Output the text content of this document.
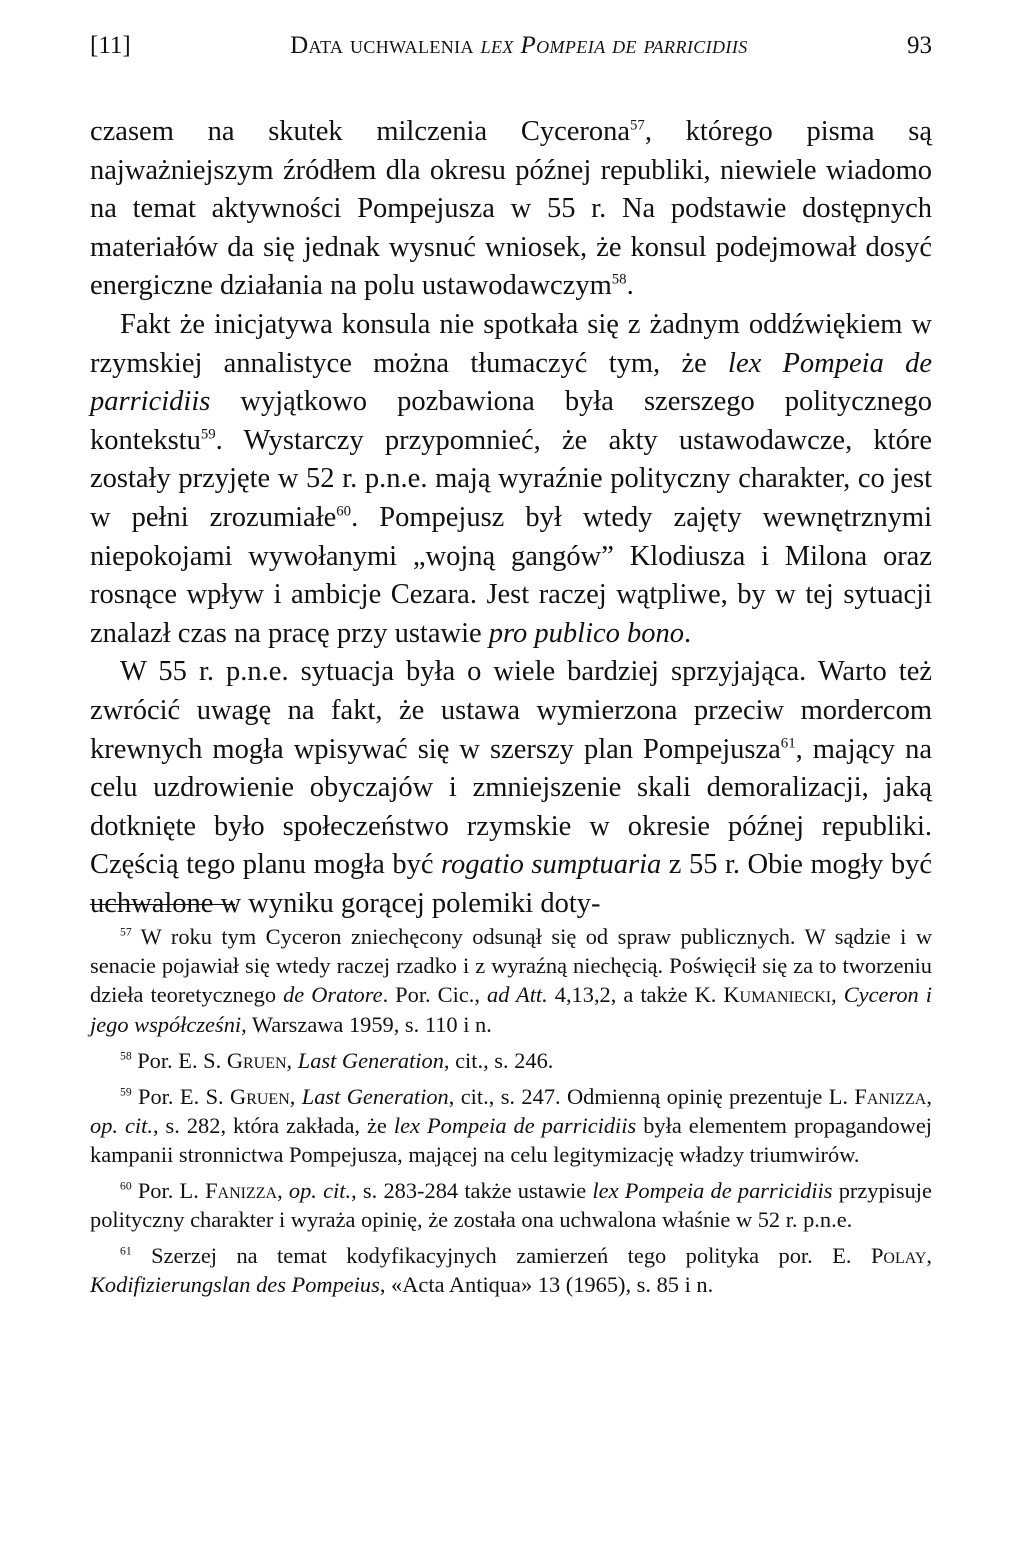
[11]	Data uchwalenia lex Pompeia de parricidiis	93

czasem na skutek milczenia Cycerona$^{57}$, którego pisma są najważniejszym źródłem dla okresu późnej republiki, niewiele wiadomo na temat aktywności Pompejusza w 55 r. Na podstawie dostępnych materiałów da się jednak wysnuć wniosek, że konsul podejmował dosyć energiczne działania na polu ustawodawczym$^{58}$.

Fakt że inicjatywa konsula nie spotkała się z żadnym oddźwiękiem w rzymskiej annalistyce można tłumaczyć tym, że lex Pompeia de parricidiis wyjątkowo pozbawiona była szerszego politycznego kontekstu$^{59}$. Wystarczy przypomnieć, że akty ustawodawcze, które zostały przyjęte w 52 r. p.n.e. mają wyraźnie polityczny charakter, co jest w pełni zrozumiałe$^{60}$. Pompejusz był wtedy zajęty wewnętrznymi niepokojami wywołanymi „wojną gangów” Klodiusza i Milona oraz rosnące wpływ i ambicje Cezara. Jest raczej wątpliwe, by w tej sytuacji znalazł czas na pracę przy ustawie pro publico bono.

W 55 r. p.n.e. sytuacja była o wiele bardziej sprzyjająca. Warto też zwrócić uwagę na fakt, że ustawa wymierzona przeciw mordercom krewnych mogła wpisywać się w szerszy plan Pompejusza$^{61}$, mający na celu uzdrowienie obyczajów i zmniejszenie skali demoralizacji, jaką dotknięte było społeczeństwo rzymskie w okresie późnej republiki. Częścią tego planu mogła być rogatio sumptuaria z 55 r. Obie mogły być uchwalone w wyniku gorącej polemiki doty-

$^{57}$ W roku tym Cyceron zniechęcony odsunął się od spraw publicznych. W sądzie i w senacie pojawiał się wtedy raczej rzadko i z wyraźną niechęcią. Poświęcił się za to tworzeniu dzieła teoretycznego de Oratore. Por. Cic., ad Att. 4,13,2, a także K. Kumaniecki, Cyceron i jego współcześni, Warszawa 1959, s. 110 i n.

$^{58}$ Por. E. S. Gruen, Last Generation, cit., s. 246.

$^{59}$ Por. E. S. Gruen, Last Generation, cit., s. 247. Odmienną opinię prezentuje L. Fanizza, op. cit., s. 282, która zakłada, że lex Pompeia de parricidiis była elementem propagandowej kampanii stronnictwa Pompejusza, mającej na celu legitymizację władzy triumwirów.

$^{60}$ Por. L. Fanizza, op. cit., s. 283-284 także ustawie lex Pompeia de parricidiis przypisuje polityczny charakter i wyraża opinię, że została ona uchwalona właśnie w 52 r. p.n.e.

$^{61}$ Szerzej na temat kodyfikacyjnych zamierzeń tego polityka por. E. Polay, Kodifizierungslan des Pompeius, «Acta Antiqua» 13 (1965), s. 85 i n.
